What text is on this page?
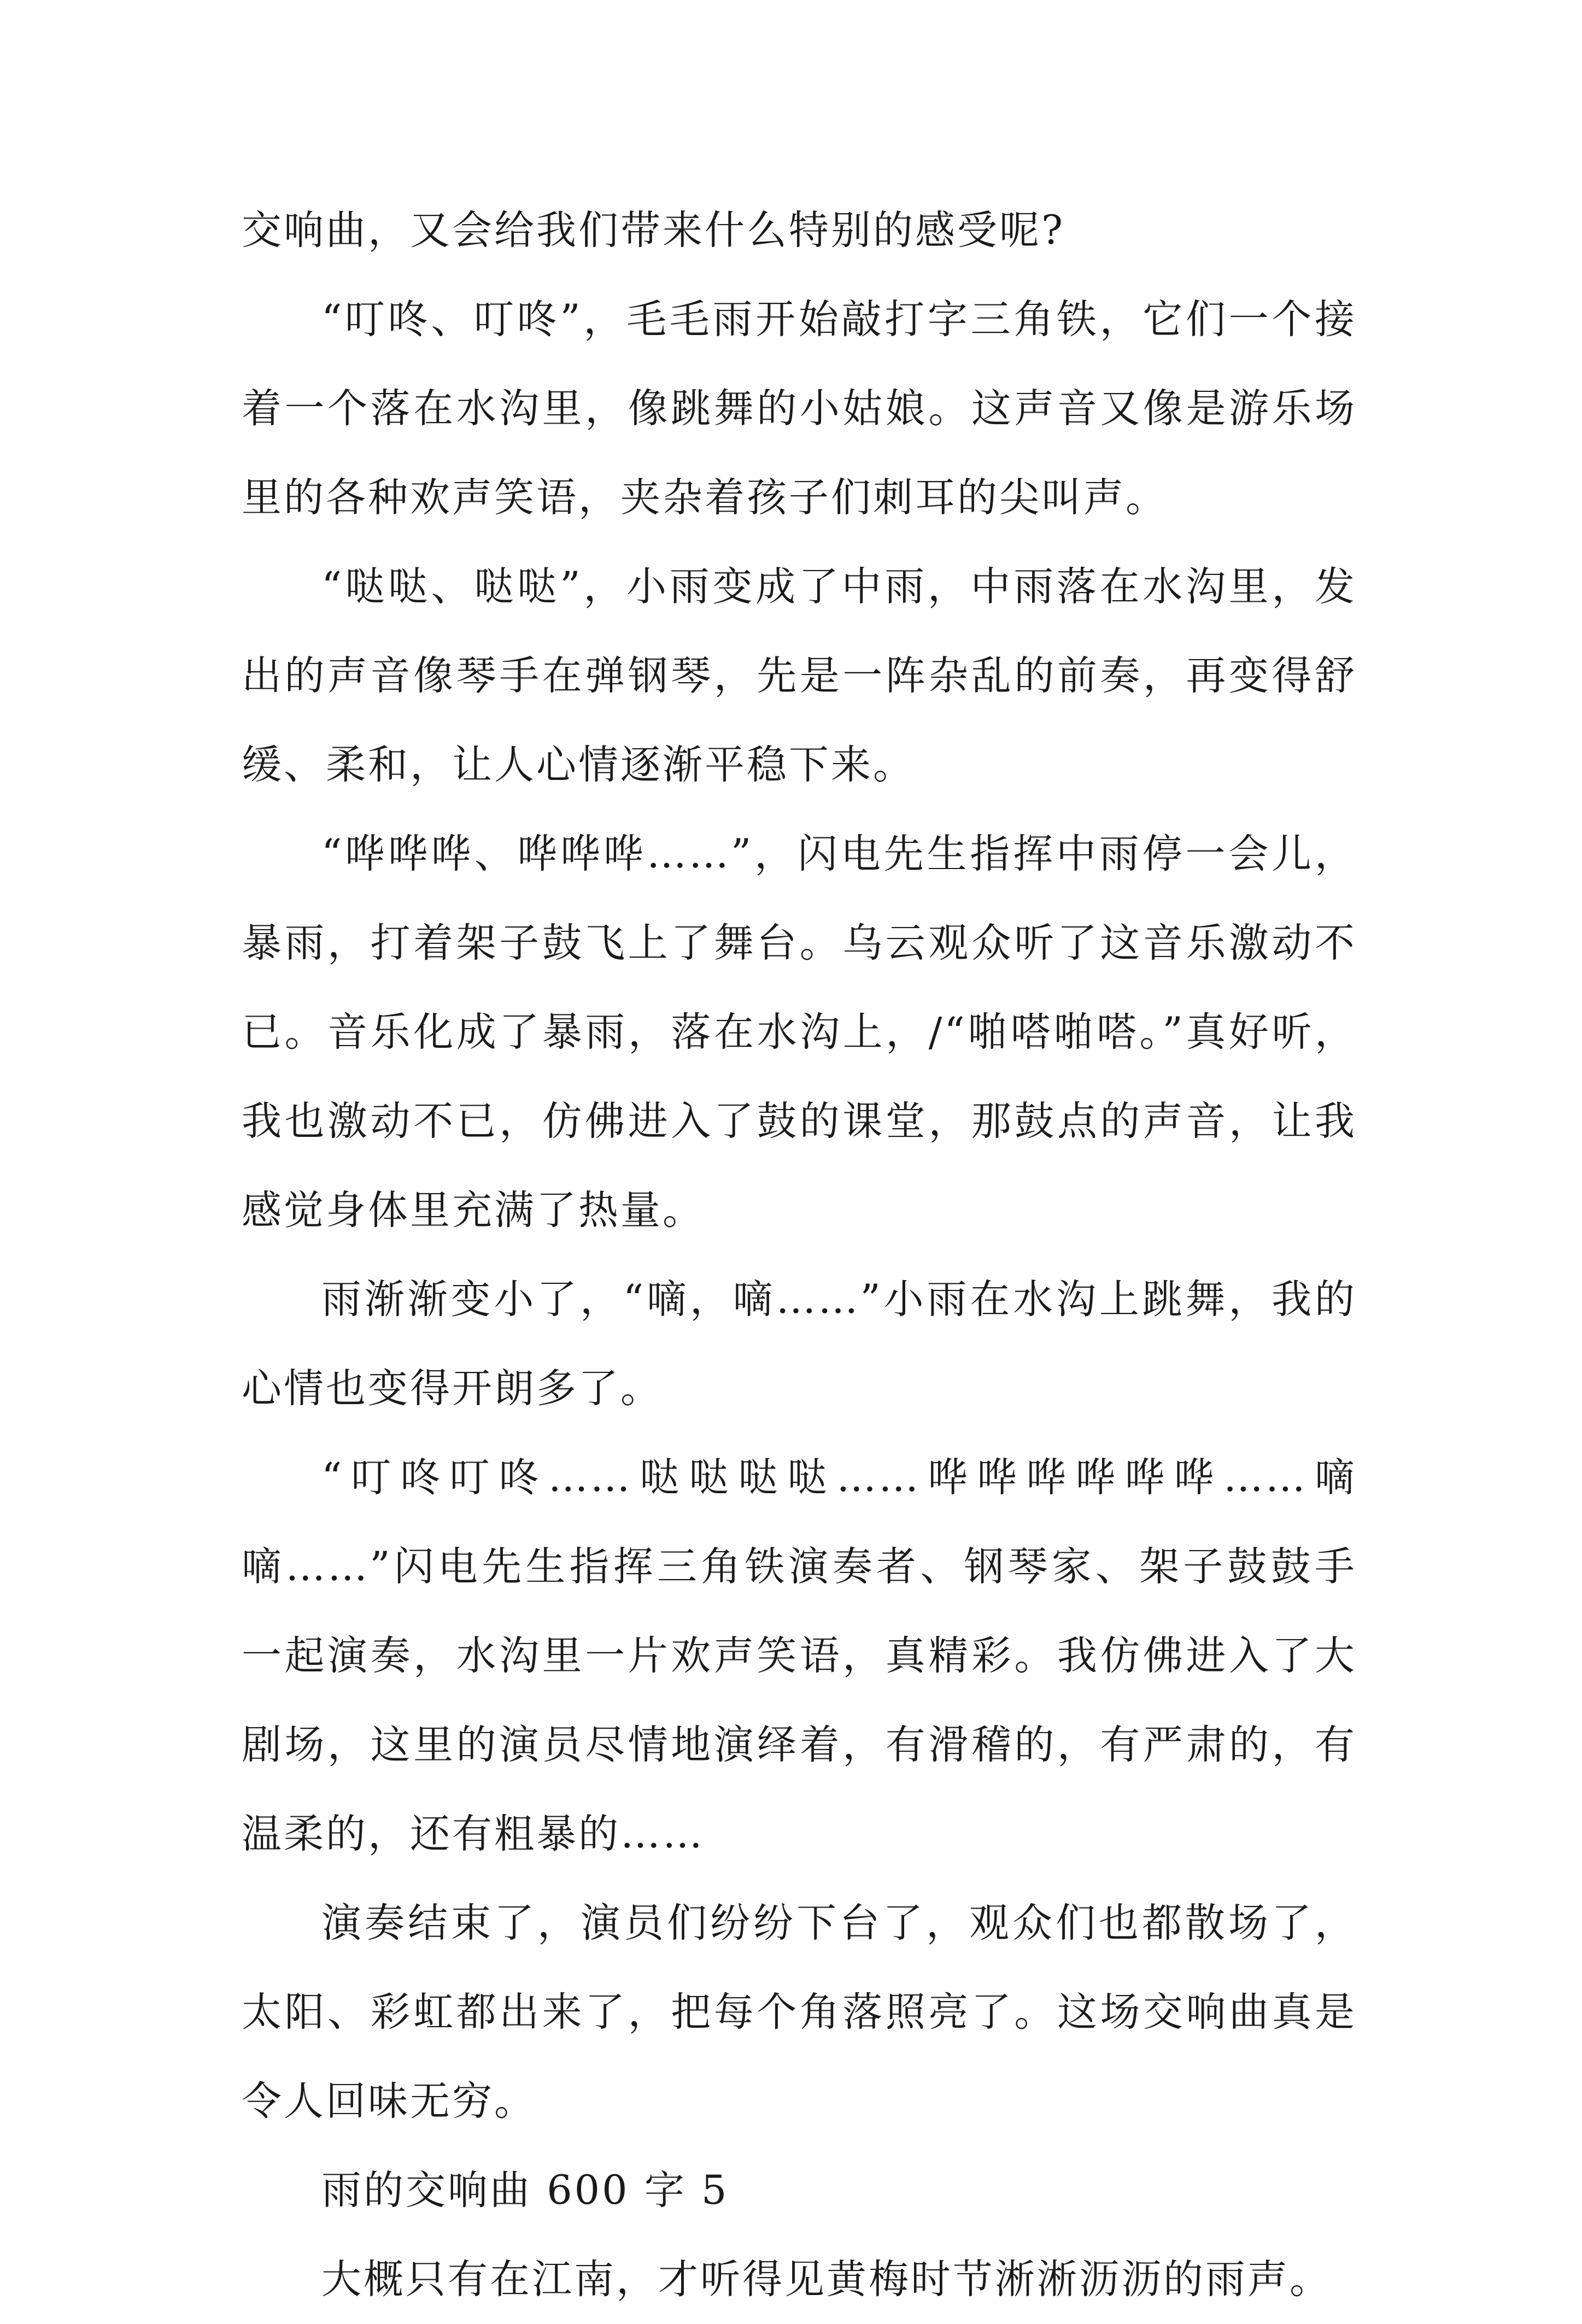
交响曲，又会给我们带来什么特别的感受呢?

“叮咚、叮咚”，毛毛雨开始敲打字三角铁，它们一个接着一个落在水沟里，像跳舞的小姑娘。这声音又像是游乐场里的各种欢声笑语，夹杂着孩子们刺耳的尖叫声。

“哒哒、哒哒”，小雨变成了中雨，中雨落在水沟里，发出的声音像琴手在弹钢琴，先是一阵杂乱的前奏，再变得舒缓、柔和，让人心情逐渐平稳下来。

“哗哗哗、哗哗哗……”，闪电先生指挥中雨停一会儿，暴雨，打着架子鼓飞上了舞台。乌云观众听了这音乐激动不已。音乐化成了暴雨，落在水沟上，/“啪嗒啪嗒。”真好听，我也激动不已，仿佛进入了鼓的课堂，那鼓点的声音，让我感觉身体里充满了热量。

雨渐渐变小了，“嘀，嘀……”小雨在水沟上跳舞，我的心情也变得开朗多了。

“叮咚叮咚……哒哒哒哒……哗哗哗哗哗哗……嘀嘀……”闪电先生指挥三角铁演奏者、钢琴家、架子鼓鼓手一起演奏，水沟里一片欢声笑语，真精彩。我仿佛进入了大剧场，这里的演员尽情地演绎着，有滑稽的，有严肃的，有温柔的，还有粗暴的……

演奏结束了，演员们纷纷下台了，观众们也都散场了，太阳、彩虹都出来了，把每个角落照亮了。这场交响曲真是令人回味无穷。

雨的交响曲 600 字 5

大概只有在江南，才听得见黄梅时节淅淅沥沥的雨声。
